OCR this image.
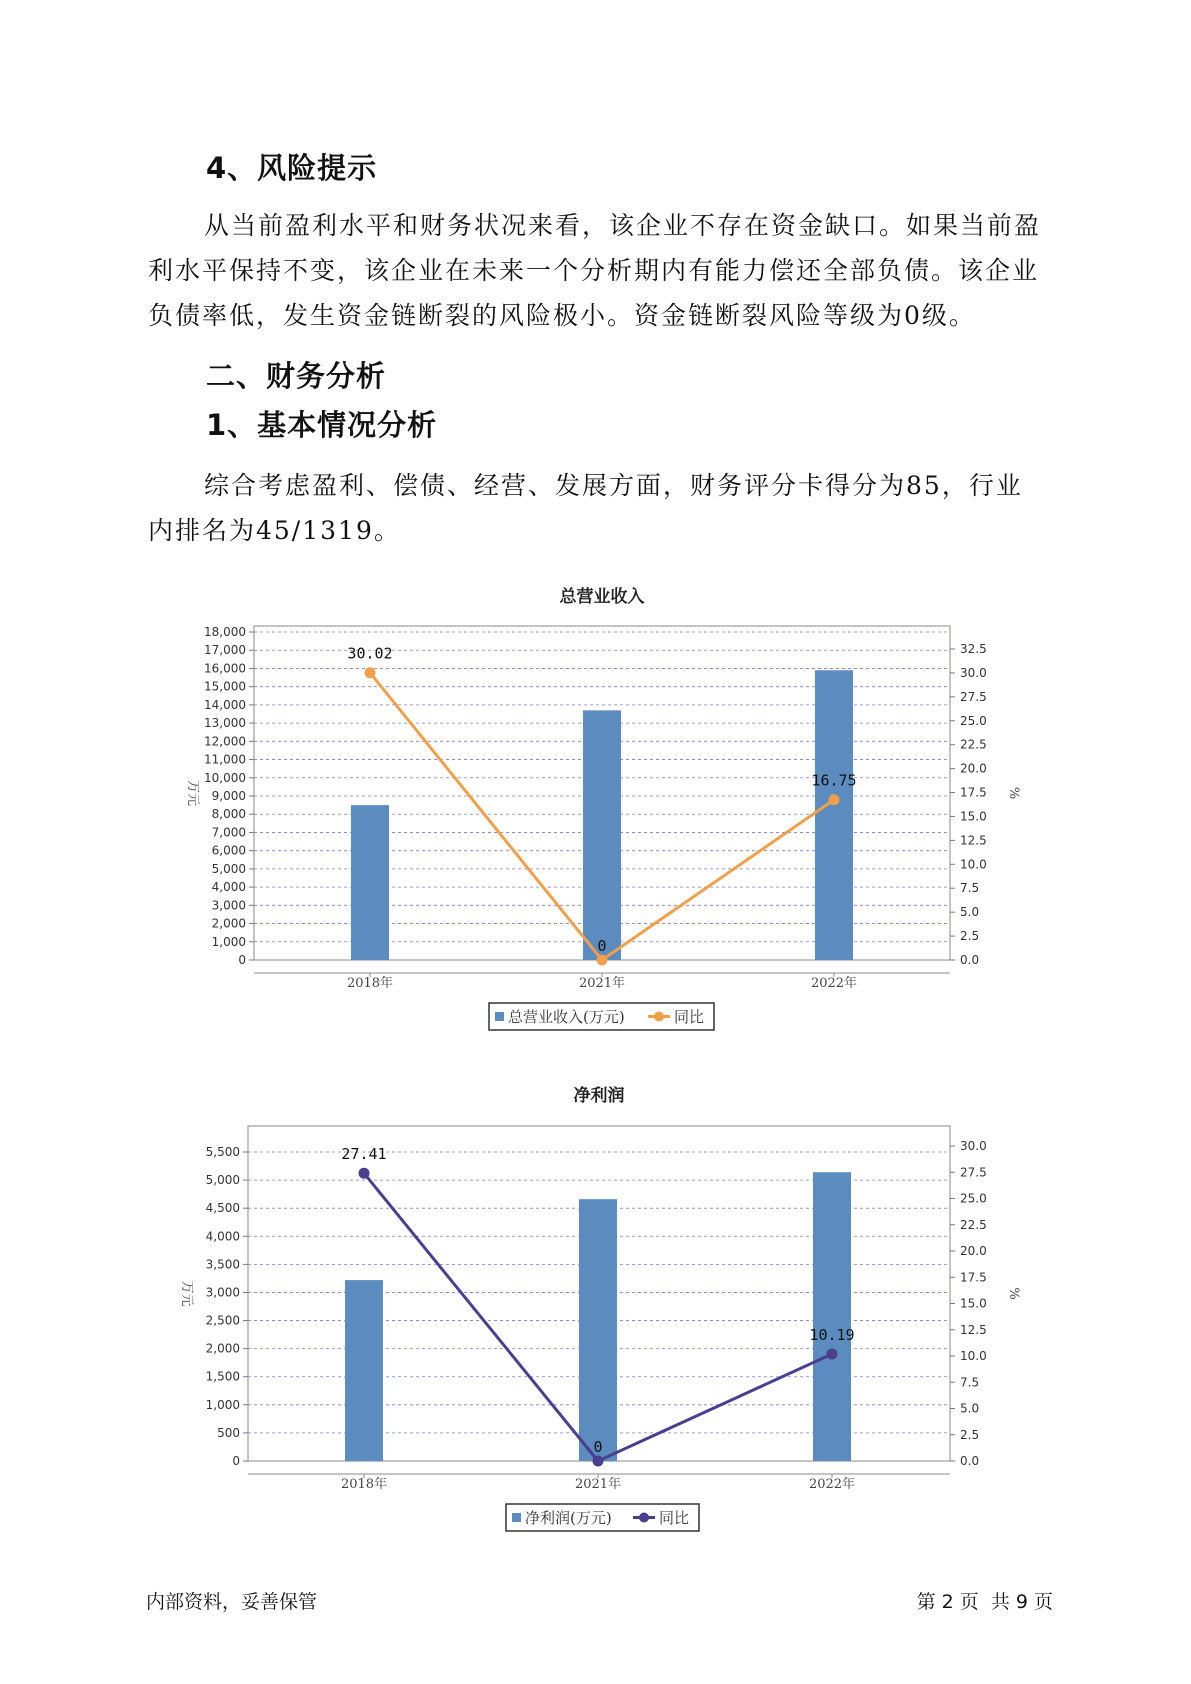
4、风险提示

从当前盈利水平和财务状况来看，该企业不存在资金缺口。如果当前盈利水平保持不变，该企业在未来一个分析期内有能力偿还全部负债。该企业负债率低，发生资金链断裂的风险极小。资金链断裂风险等级为0级。

二、财务分析
1、基本情况分析

综合考虑盈利、偿债、经营、发展方面，财务评分卡得分为85，行业内排名为45/1319。

总营业收入
0
1,000
2,000
3,000
4,000
5,000
6,000
7,000
8,000
9,000
10,000
11,000
12,000
13,000
14,000
15,000
16,000
17,000
18,000
0.0
2.5
5.0
7.5
10.0
12.5
15.0
17.5
20.0
22.5
25.0
27.5
30.0
32.5
万元	%
2018年	2021年	2022年
30.02
0
16.75
总营业收入(万元)	同比
净利润
0
500
1,000
1,500
2,000
2,500
3,000
3,500
4,000
4,500
5,000
5,500
0.0
2.5
5.0
7.5
10.0
12.5
15.0
17.5
20.0
22.5
25.0
27.5
30.0
万元	%
2018年	2021年	2022年
27.41
0
10.19
净利润(万元)	同比
内部资料，妥善保管	第 2 页  共 9 页
